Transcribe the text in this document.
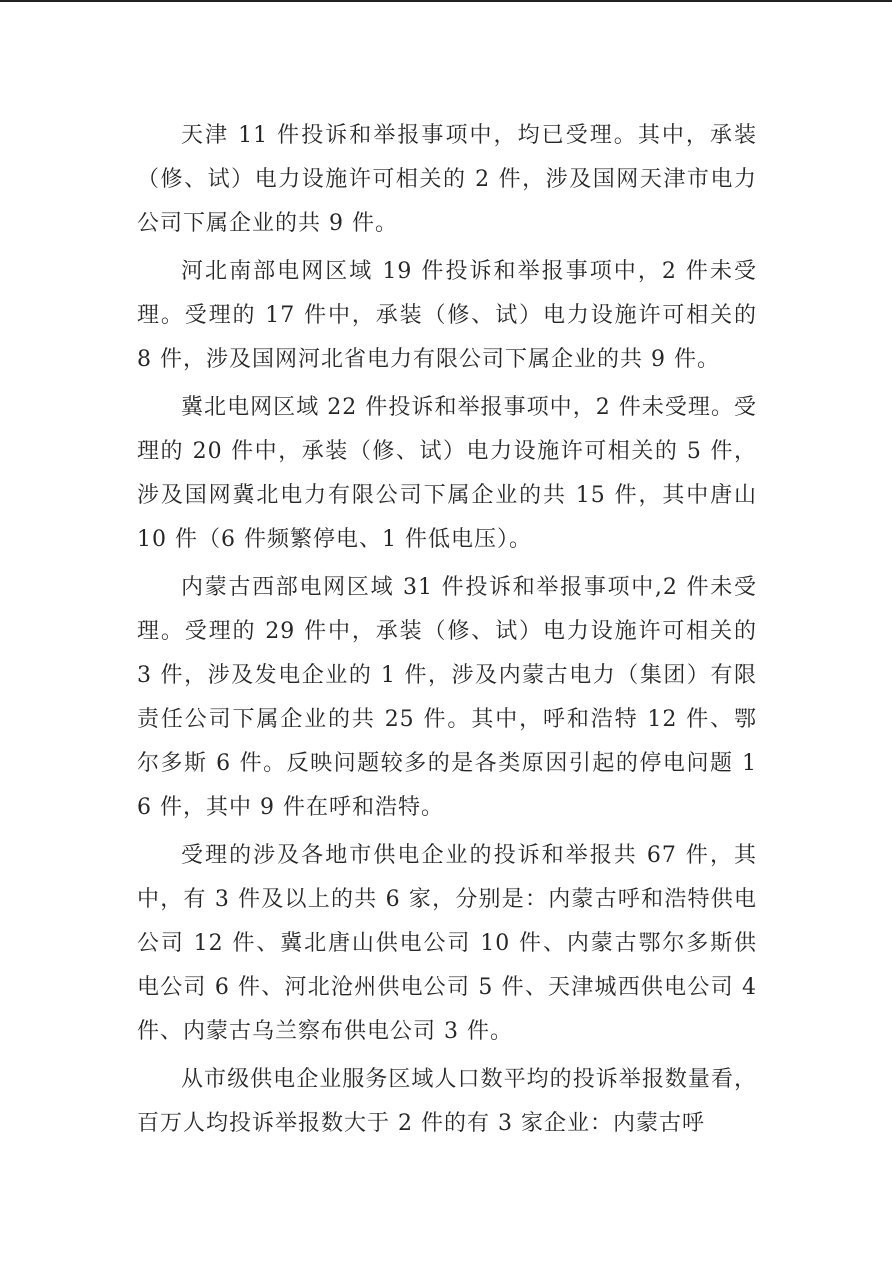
天津 11 件投诉和举报事项中，均已受理。其中，承装（修、试）电力设施许可相关的 2 件，涉及国网天津市电力公司下属企业的共 9 件。

河北南部电网区域 19 件投诉和举报事项中，2 件未受理。受理的 17 件中，承装（修、试）电力设施许可相关的 8 件，涉及国网河北省电力有限公司下属企业的共 9 件。

冀北电网区域 22 件投诉和举报事项中，2 件未受理。受理的 20 件中，承装（修、试）电力设施许可相关的 5 件，涉及国网冀北电力有限公司下属企业的共 15 件，其中唐山 10 件（6 件频繁停电、1 件低电压）。

内蒙古西部电网区域 31 件投诉和举报事项中,2 件未受理。受理的 29 件中，承装（修、试）电力设施许可相关的 3 件，涉及发电企业的 1 件，涉及内蒙古电力（集团）有限责任公司下属企业的共 25 件。其中，呼和浩特 12 件、鄂尔多斯 6 件。反映问题较多的是各类原因引起的停电问题 16 件，其中 9 件在呼和浩特。

受理的涉及各地市供电企业的投诉和举报共 67 件，其中，有 3 件及以上的共 6 家，分别是：内蒙古呼和浩特供电公司 12 件、冀北唐山供电公司 10 件、内蒙古鄂尔多斯供电公司 6 件、河北沧州供电公司 5 件、天津城西供电公司 4 件、内蒙古乌兰察布供电公司 3 件。

从市级供电企业服务区域人口数平均的投诉举报数量看，百万人均投诉举报数大于 2 件的有 3 家企业：内蒙古呼
